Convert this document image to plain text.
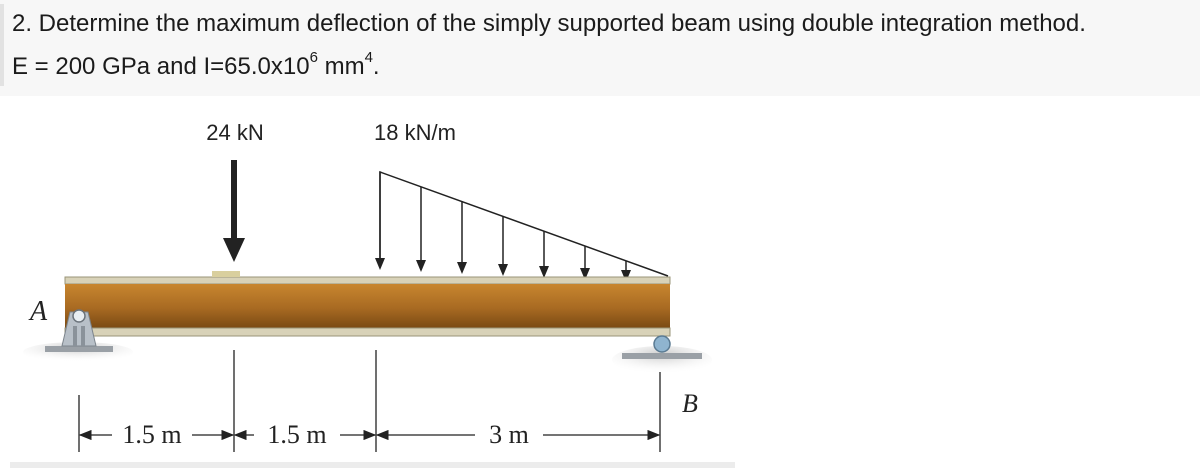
2. Determine the maximum deflection of the simply supported beam using double integration method.
E = 200 GPa and $I=65.0x10^6$ $mm^4$.
24 kN	18 kN/m
A
B
1.5 m	1.5 m	3 m
